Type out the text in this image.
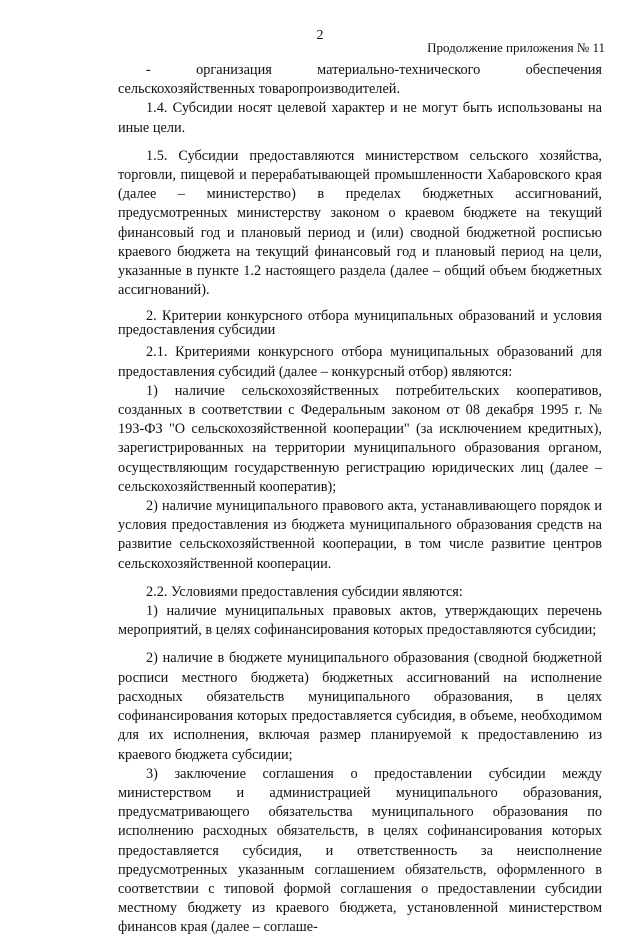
2
Продолжение приложения № 11

- организация материально-технического обеспечения сельскохозяйственных товаропроизводителей.

1.4. Субсидии носят целевой характер и не могут быть использованы на иные цели.

1.5. Субсидии предоставляются министерством сельского хозяйства, торговли, пищевой и перерабатывающей промышленности Хабаровского края (далее – министерство) в пределах бюджетных ассигнований, предусмотренных министерству законом о краевом бюджете на текущий финансовый год и плановый период и (или) сводной бюджетной росписью краевого бюджета на текущий финансовый год и плановый период на цели, указанные в пункте 1.2 настоящего раздела (далее – общий объем бюджетных ассигнований).

2. Критерии конкурсного отбора муниципальных образований и условия предоставления субсидии

2.1. Критериями конкурсного отбора муниципальных образований для предоставления субсидий (далее – конкурсный отбор) являются:

1) наличие сельскохозяйственных потребительских кооперативов, созданных в соответствии с Федеральным законом от 08 декабря 1995 г. № 193-ФЗ "О сельскохозяйственной кооперации" (за исключением кредитных), зарегистрированных на территории муниципального образования органом, осуществляющим государственную регистрацию юридических лиц (далее – сельскохозяйственный кооператив);

2) наличие муниципального правового акта, устанавливающего порядок и условия предоставления из бюджета муниципального образования средств на развитие сельскохозяйственной кооперации, в том числе развитие центров сельскохозяйственной кооперации.

2.2. Условиями предоставления субсидии являются:

1) наличие муниципальных правовых актов, утверждающих перечень мероприятий, в целях софинансирования которых предоставляются субсидии;

2) наличие в бюджете муниципального образования (сводной бюджетной росписи местного бюджета) бюджетных ассигнований на исполнение расходных обязательств муниципального образования, в целях софинансирования которых предоставляется субсидия, в объеме, необходимом для их исполнения, включая размер планируемой к предоставлению из краевого бюджета субсидии;

3) заключение соглашения о предоставлении субсидии между министерством и администрацией муниципального образования, предусматривающего обязательства муниципального образования по исполнению расходных обязательств, в целях софинансирования которых предоставляется субсидия, и ответственность за неисполнение предусмотренных указанным соглашением обязательств, оформленного в соответствии с типовой формой соглашения о предоставлении субсидии местному бюджету из краевого бюджета, установленной министерством финансов края (далее – соглаше-
